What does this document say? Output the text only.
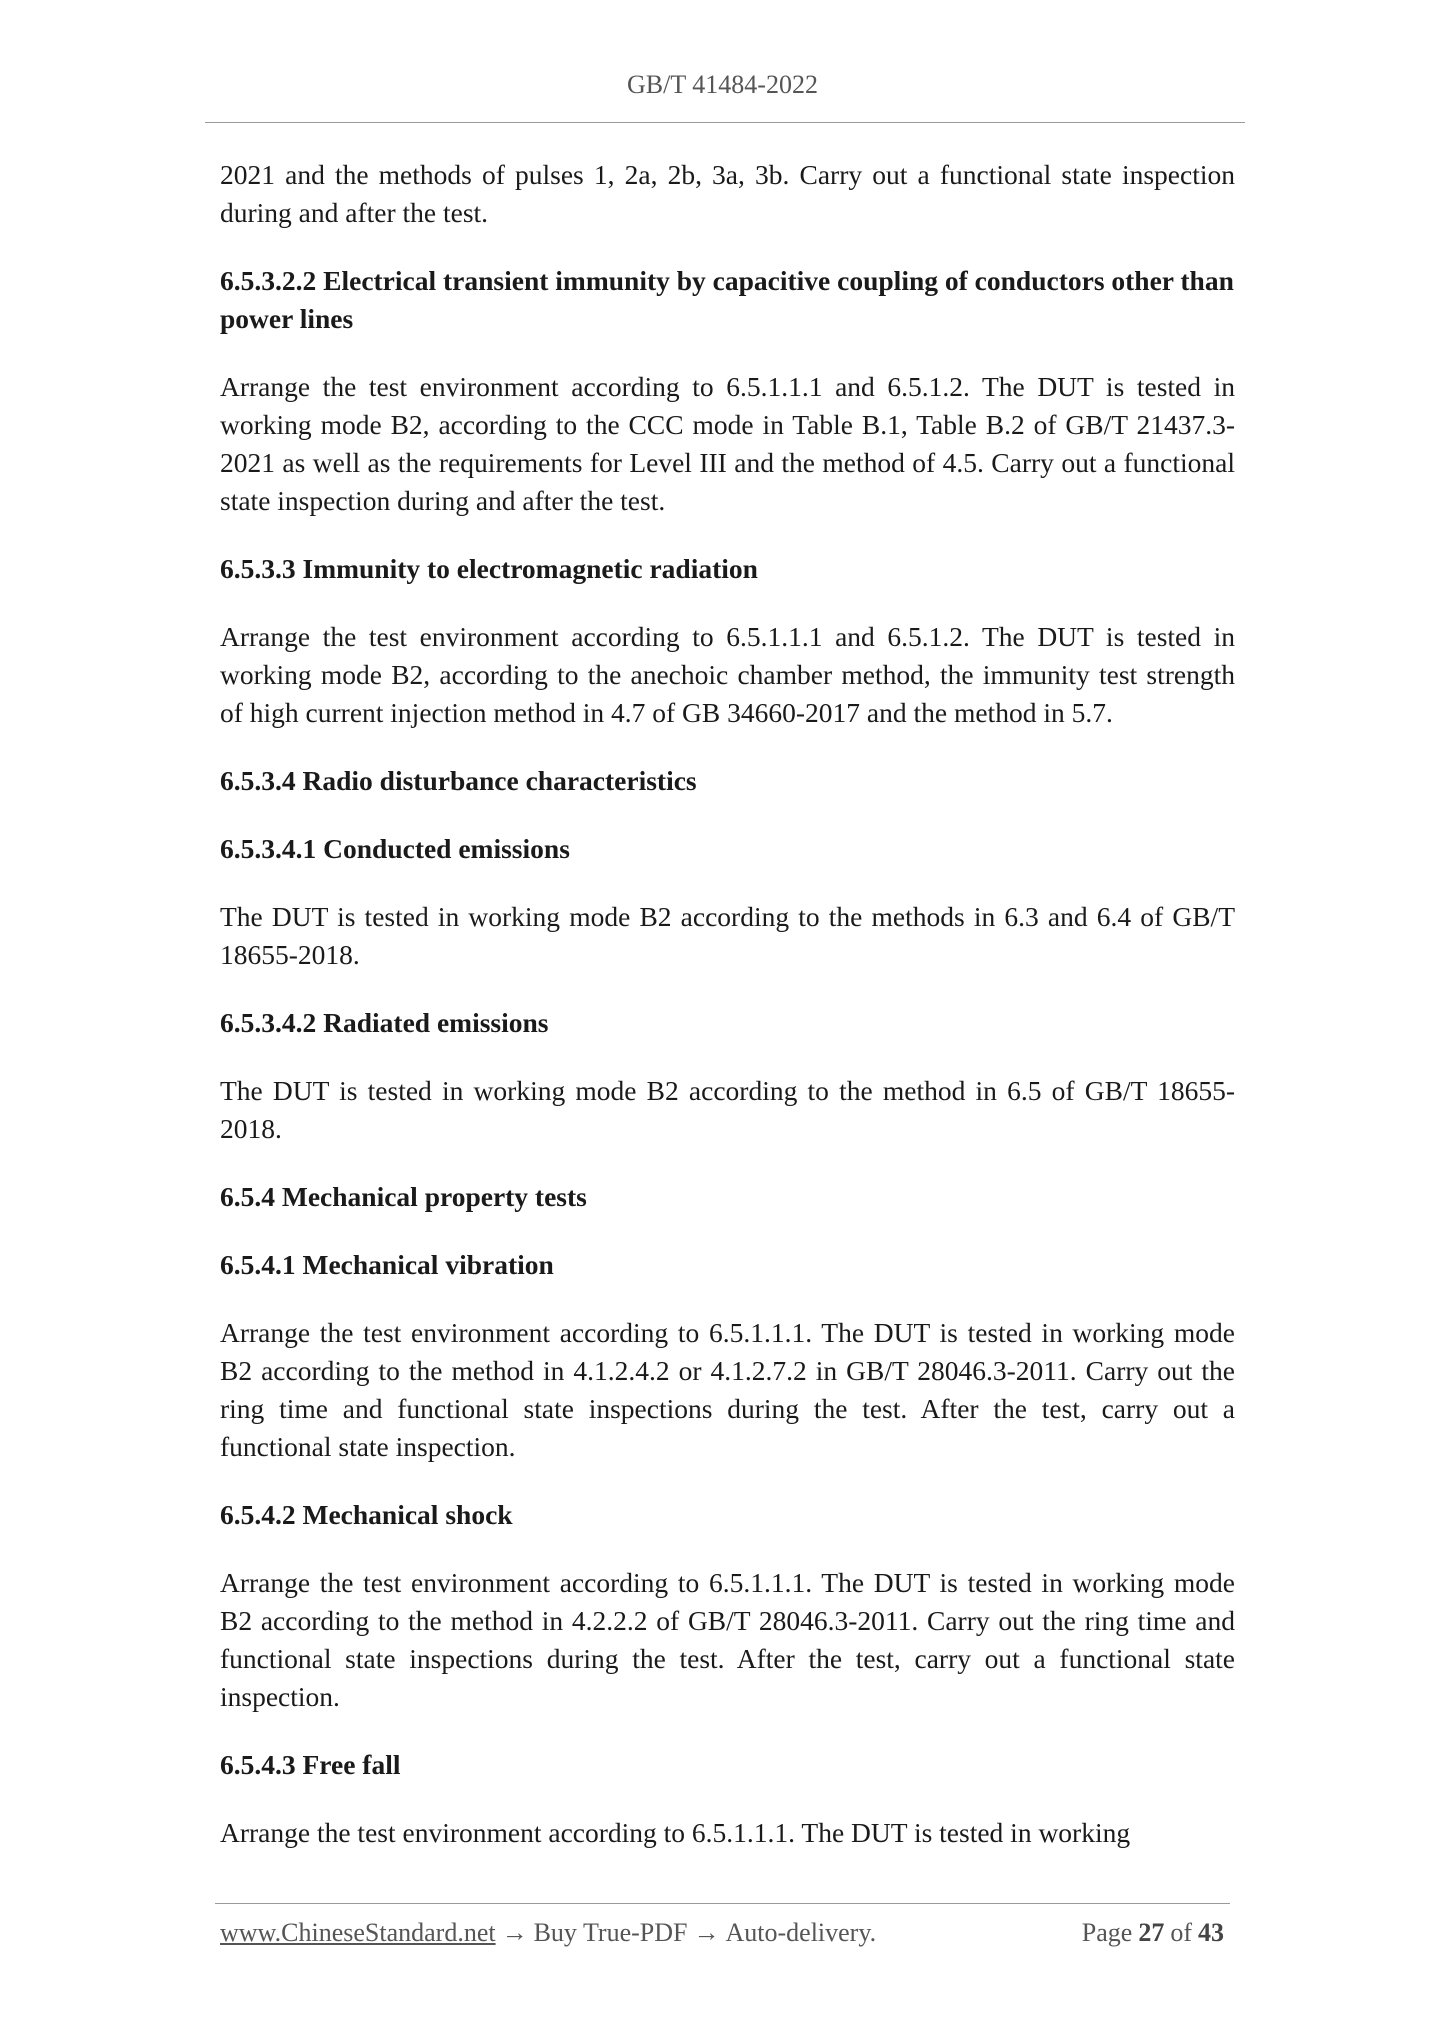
GB/T 41484-2022

2021 and the methods of pulses 1, 2a, 2b, 3a, 3b. Carry out a functional state inspection during and after the test.

6.5.3.2.2 Electrical transient immunity by capacitive coupling of conductors other than power lines

Arrange the test environment according to 6.5.1.1.1 and 6.5.1.2. The DUT is tested in working mode B2, according to the CCC mode in Table B.1, Table B.2 of GB/T 21437.3-2021 as well as the requirements for Level III and the method of 4.5. Carry out a functional state inspection during and after the test.

6.5.3.3 Immunity to electromagnetic radiation

Arrange the test environment according to 6.5.1.1.1 and 6.5.1.2. The DUT is tested in working mode B2, according to the anechoic chamber method, the immunity test strength of high current injection method in 4.7 of GB 34660-2017 and the method in 5.7.

6.5.3.4 Radio disturbance characteristics

6.5.3.4.1 Conducted emissions

The DUT is tested in working mode B2 according to the methods in 6.3 and 6.4 of GB/T 18655-2018.

6.5.3.4.2 Radiated emissions

The DUT is tested in working mode B2 according to the method in 6.5 of GB/T 18655-2018.

6.5.4 Mechanical property tests

6.5.4.1 Mechanical vibration

Arrange the test environment according to 6.5.1.1.1. The DUT is tested in working mode B2 according to the method in 4.1.2.4.2 or 4.1.2.7.2 in GB/T 28046.3-2011. Carry out the ring time and functional state inspections during the test. After the test, carry out a functional state inspection.

6.5.4.2 Mechanical shock

Arrange the test environment according to 6.5.1.1.1. The DUT is tested in working mode B2 according to the method in 4.2.2.2 of GB/T 28046.3-2011. Carry out the ring time and functional state inspections during the test. After the test, carry out a functional state inspection.

6.5.4.3 Free fall

Arrange the test environment according to 6.5.1.1.1. The DUT is tested in working

www.ChineseStandard.net → Buy True-PDF → Auto-delivery.	Page 27 of 43
